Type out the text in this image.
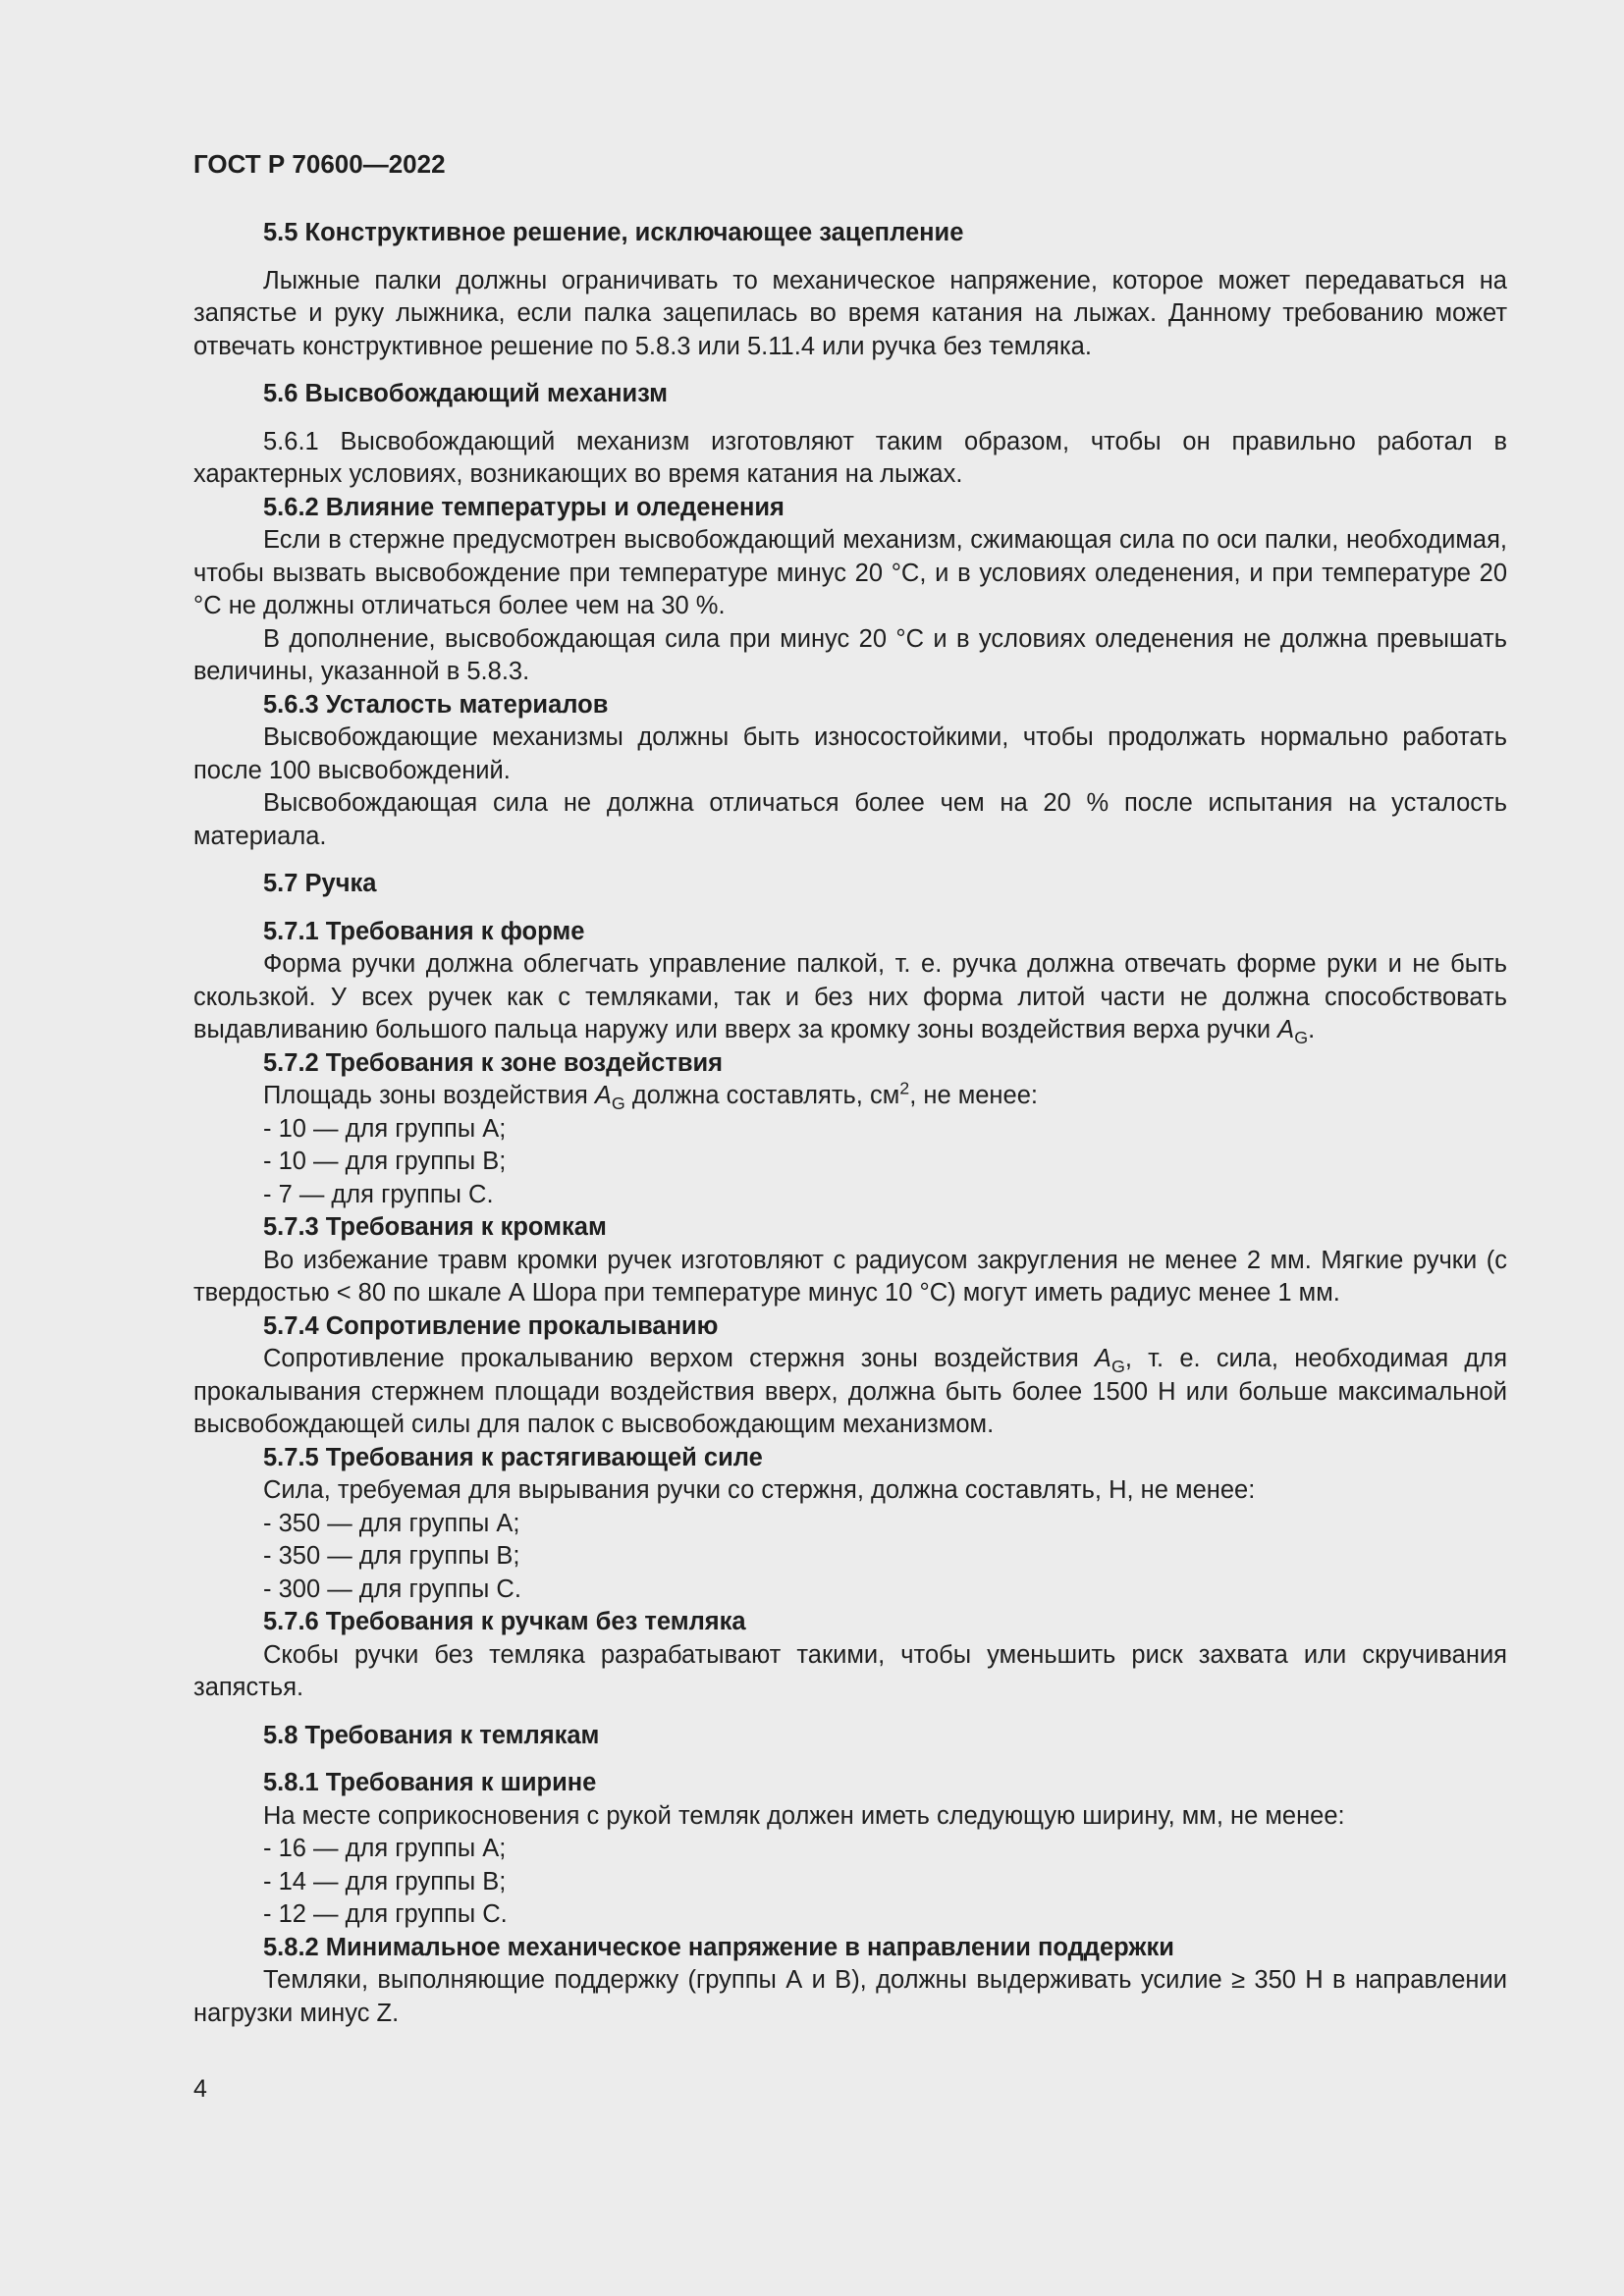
ГОСТ Р 70600—2022

5.5 Конструктивное решение, исключающее зацепление

Лыжные палки должны ограничивать то механическое напряжение, которое может передаваться на запястье и руку лыжника, если палка зацепилась во время катания на лыжах. Данному требованию может отвечать конструктивное решение по 5.8.3 или 5.11.4 или ручка без темляка.

5.6 Высвобождающий механизм

5.6.1 Высвобождающий механизм изготовляют таким образом, чтобы он правильно работал в характерных условиях, возникающих во время катания на лыжах.

5.6.2 Влияние температуры и оледенения

Если в стержне предусмотрен высвобождающий механизм, сжимающая сила по оси палки, необходимая, чтобы вызвать высвобождение при температуре минус 20 °С, и в условиях оледенения, и при температуре 20 °С не должны отличаться более чем на 30 %.

В дополнение, высвобождающая сила при минус 20 °С и в условиях оледенения не должна превышать величины, указанной в 5.8.3.

5.6.3 Усталость материалов

Высвобождающие механизмы должны быть износостойкими, чтобы продолжать нормально работать после 100 высвобождений.

Высвобождающая сила не должна отличаться более чем на 20 % после испытания на усталость материала.

5.7 Ручка

5.7.1 Требования к форме

Форма ручки должна облегчать управление палкой, т. е. ручка должна отвечать форме руки и не быть скользкой. У всех ручек как с темляками, так и без них форма литой части не должна способствовать выдавливанию большого пальца наружу или вверх за кромку зоны воздействия верха ручки $A_G$.

5.7.2 Требования к зоне воздействия

Площадь зоны воздействия $A_G$ должна составлять, $см^2$, не менее:

- 10 — для группы А;

- 10 — для группы В;

- 7 — для группы С.

5.7.3 Требования к кромкам

Во избежание травм кромки ручек изготовляют с радиусом закругления не менее 2 мм. Мягкие ручки (с твердостью < 80 по шкале А Шора при температуре минус 10 °С) могут иметь радиус менее 1 мм.

5.7.4 Сопротивление прокалыванию

Сопротивление прокалыванию верхом стержня зоны воздействия $A_G$, т. е. сила, необходимая для прокалывания стержнем площади воздействия вверх, должна быть более 1500 Н или больше максимальной высвобождающей силы для палок с высвобождающим механизмом.

5.7.5 Требования к растягивающей силе

Сила, требуемая для вырывания ручки со стержня, должна составлять, Н, не менее:

- 350 — для группы А;

- 350 — для группы В;

- 300 — для группы С.

5.7.6 Требования к ручкам без темляка

Скобы ручки без темляка разрабатывают такими, чтобы уменьшить риск захвата или скручивания запястья.

5.8 Требования к темлякам

5.8.1 Требования к ширине

На месте соприкосновения с рукой темляк должен иметь следующую ширину, мм, не менее:

- 16 — для группы А;

- 14 — для группы В;

- 12 — для группы С.

5.8.2 Минимальное механическое напряжение в направлении поддержки

Темляки, выполняющие поддержку (группы А и В), должны выдерживать усилие ≥ 350 Н в направлении нагрузки минус Z.

4
